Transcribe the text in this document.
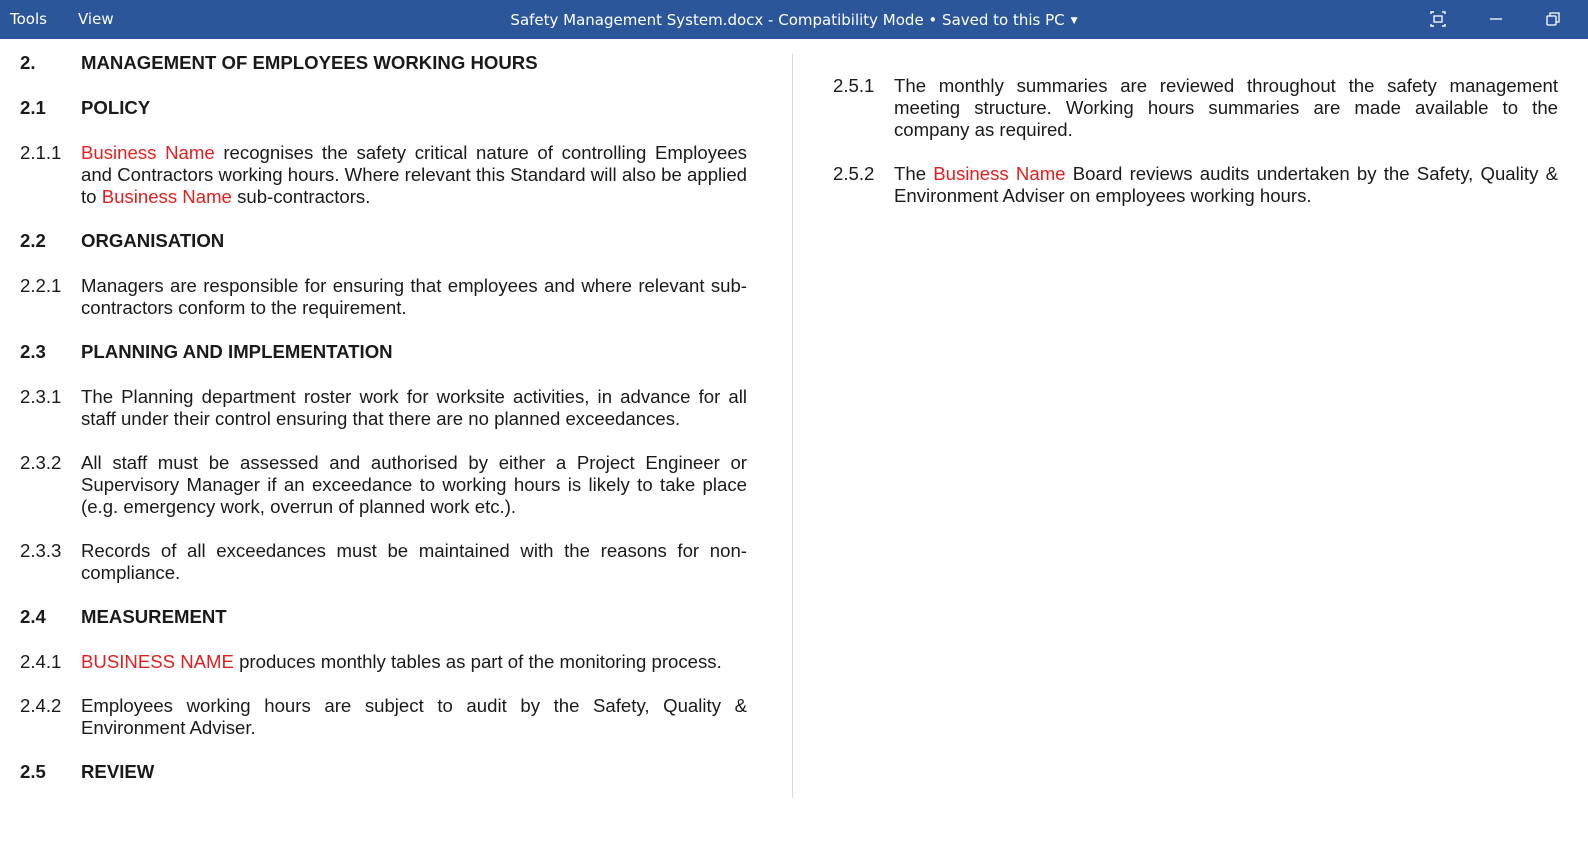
Tools View	Safety Management System.docx - Compatibility Mode • Saved to this PC ▼
2.	MANAGEMENT OF EMPLOYEES WORKING HOURS
2.1	POLICY
2.1.1	Business Name recognises the safety critical nature of controlling Employees and Contractors working hours. Where relevant this Standard will also be applied to Business Name sub-contractors.
2.2	ORGANISATION
2.2.1	Managers are responsible for ensuring that employees and where relevant sub-contractors conform to the requirement.
2.3	PLANNING AND IMPLEMENTATION
2.3.1	The Planning department roster work for worksite activities, in advance for all staff under their control ensuring that there are no planned exceedances.
2.3.2	All staff must be assessed and authorised by either a Project Engineer or Supervisory Manager if an exceedance to working hours is likely to take place (e.g. emergency work, overrun of planned work etc.).
2.3.3	Records of all exceedances must be maintained with the reasons for non-compliance.
2.4	MEASUREMENT
2.4.1	BUSINESS NAME produces monthly tables as part of the monitoring process.
2.4.2	Employees working hours are subject to audit by the Safety, Quality & Environment Adviser.
2.5	REVIEW
2.5.1	The monthly summaries are reviewed throughout the safety management meeting structure. Working hours summaries are made available to the company as required.
2.5.2	The Business Name Board reviews audits undertaken by the Safety, Quality & Environment Adviser on employees working hours.
